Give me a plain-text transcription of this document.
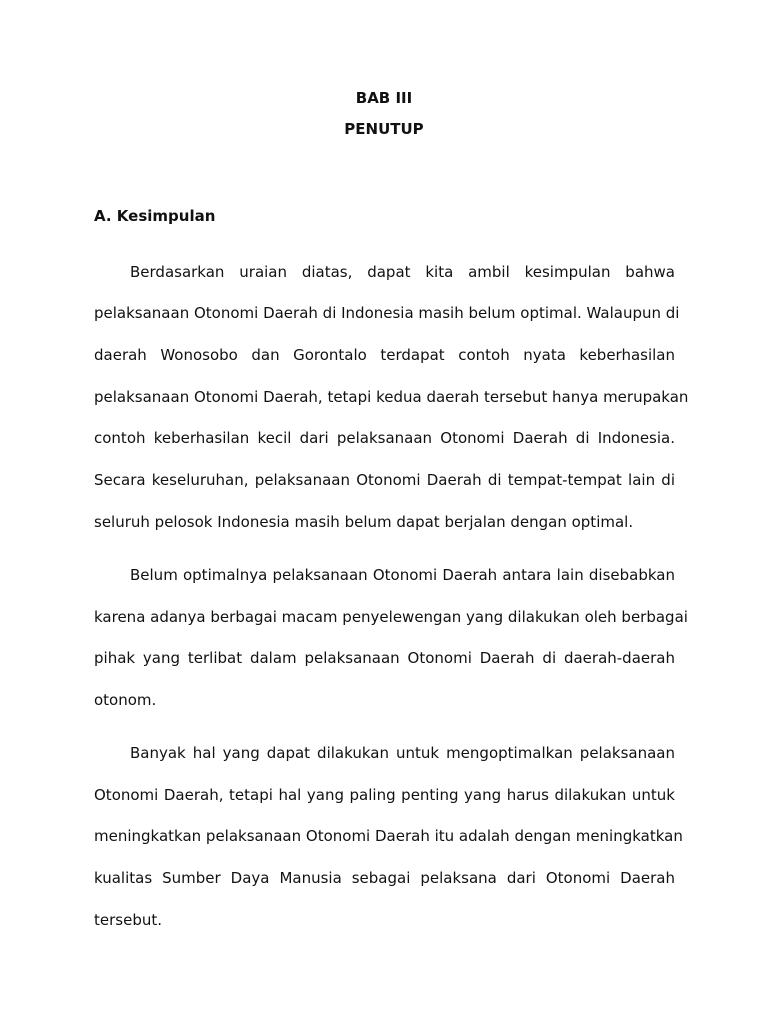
BAB III
PENUTUP
A. Kesimpulan
Berdasarkan uraian diatas, dapat kita ambil kesimpulan bahwa
pelaksanaan Otonomi Daerah di Indonesia masih belum optimal. Walaupun di
daerah Wonosobo dan Gorontalo terdapat contoh nyata keberhasilan
pelaksanaan Otonomi Daerah, tetapi kedua daerah tersebut hanya merupakan
contoh keberhasilan kecil dari pelaksanaan Otonomi Daerah di Indonesia.
Secara keseluruhan, pelaksanaan Otonomi Daerah di tempat-tempat lain di
seluruh pelosok Indonesia masih belum dapat berjalan dengan optimal.
Belum optimalnya pelaksanaan Otonomi Daerah antara lain disebabkan
karena adanya berbagai macam penyelewengan yang dilakukan oleh berbagai
pihak yang terlibat dalam pelaksanaan Otonomi Daerah di daerah-daerah
otonom.
Banyak hal yang dapat dilakukan untuk mengoptimalkan pelaksanaan
Otonomi Daerah, tetapi hal yang paling penting yang harus dilakukan untuk
meningkatkan pelaksanaan Otonomi Daerah itu adalah dengan meningkatkan
kualitas Sumber Daya Manusia sebagai pelaksana dari Otonomi Daerah
tersebut.
